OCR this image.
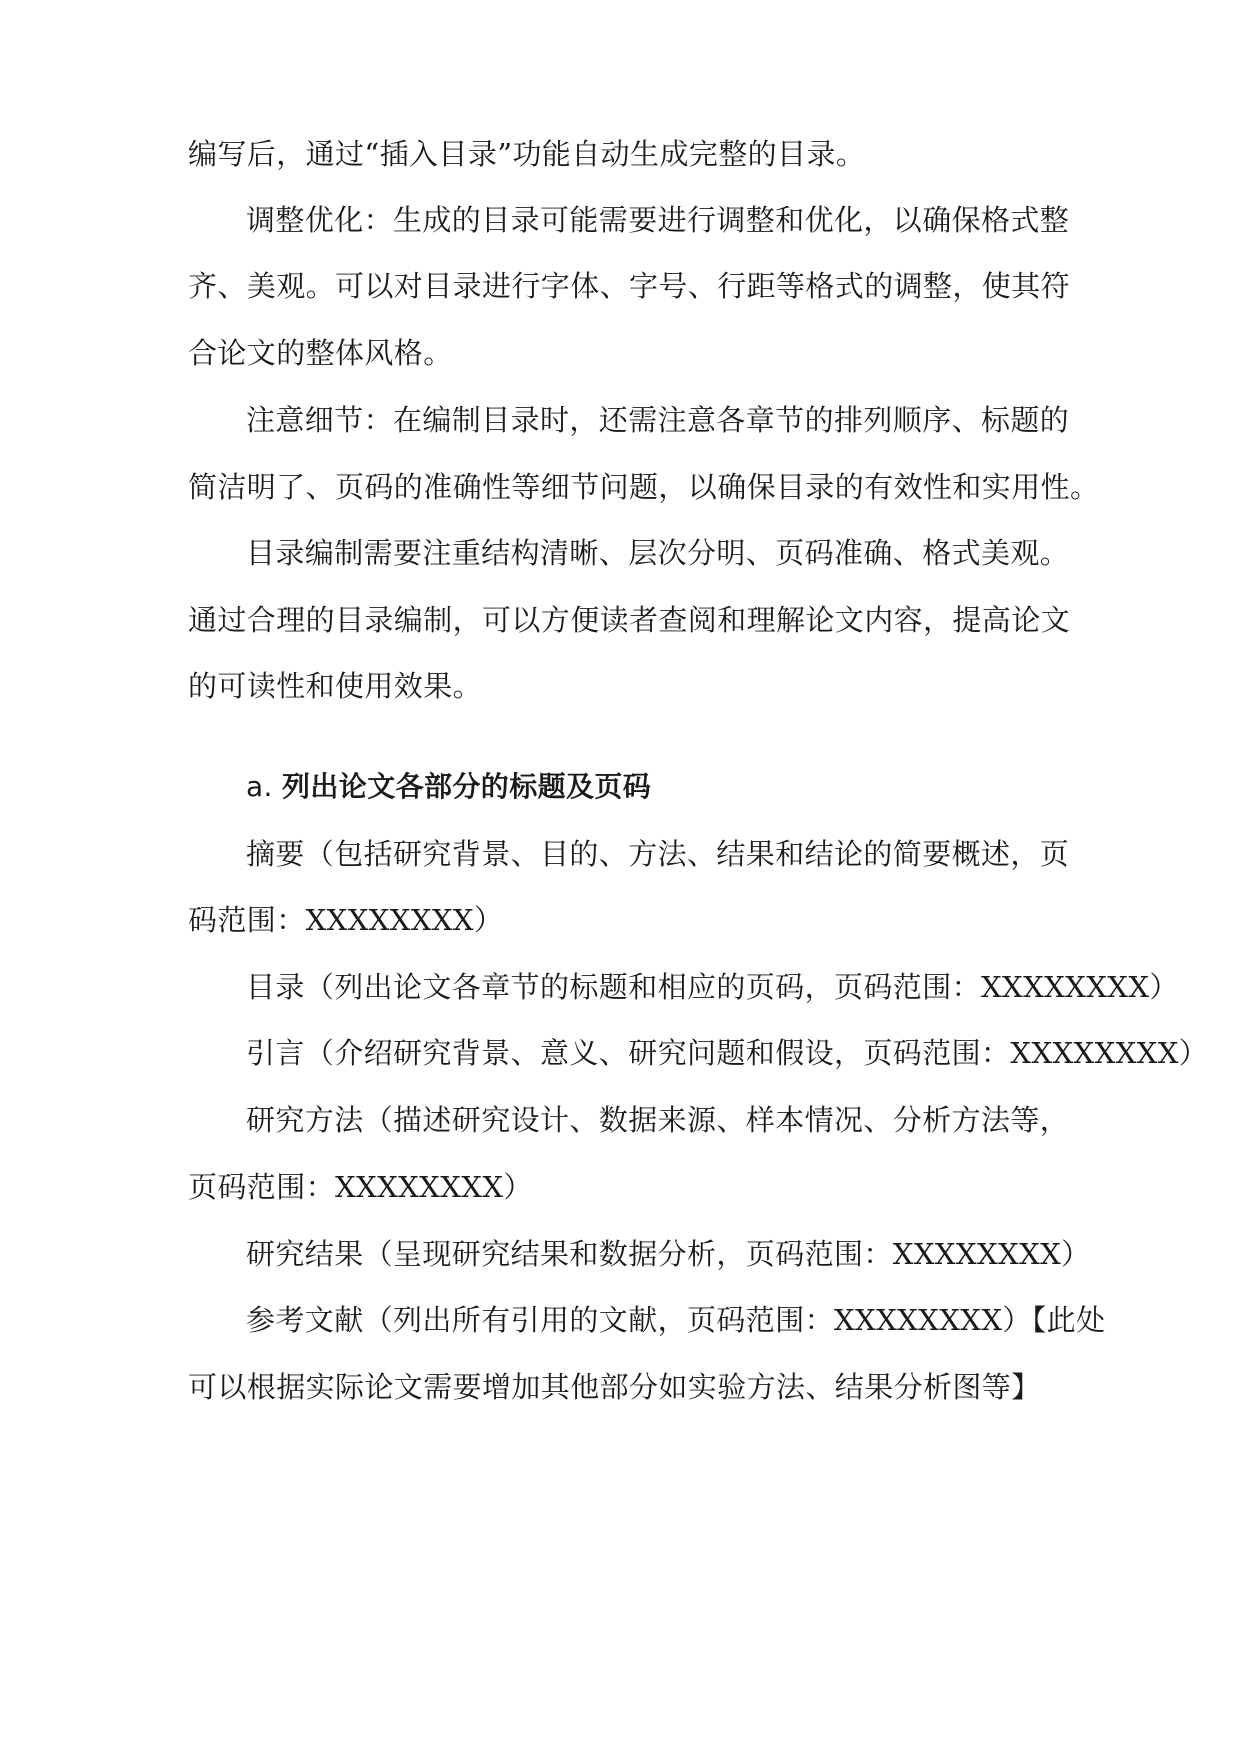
编写后，通过“插入目录”功能自动生成完整的目录。
调整优化：生成的目录可能需要进行调整和优化，以确保格式整
齐、美观。可以对目录进行字体、字号、行距等格式的调整，使其符
合论文的整体风格。
注意细节：在编制目录时，还需注意各章节的排列顺序、标题的
简洁明了、页码的准确性等细节问题，以确保目录的有效性和实用性。
目录编制需要注重结构清晰、层次分明、页码准确、格式美观。
通过合理的目录编制，可以方便读者查阅和理解论文内容，提高论文
的可读性和使用效果。
a. 列出论文各部分的标题及页码
摘要（包括研究背景、目的、方法、结果和结论的简要概述，页
码范围：XXXXXXXX）
目录（列出论文各章节的标题和相应的页码，页码范围：XXXXXXXX）
引言（介绍研究背景、意义、研究问题和假设，页码范围：XXXXXXXX）
研究方法（描述研究设计、数据来源、样本情况、分析方法等，
页码范围：XXXXXXXX）
研究结果（呈现研究结果和数据分析，页码范围：XXXXXXXX）
参考文献（列出所有引用的文献，页码范围：XXXXXXXX）【此处
可以根据实际论文需要增加其他部分如实验方法、结果分析图等】
